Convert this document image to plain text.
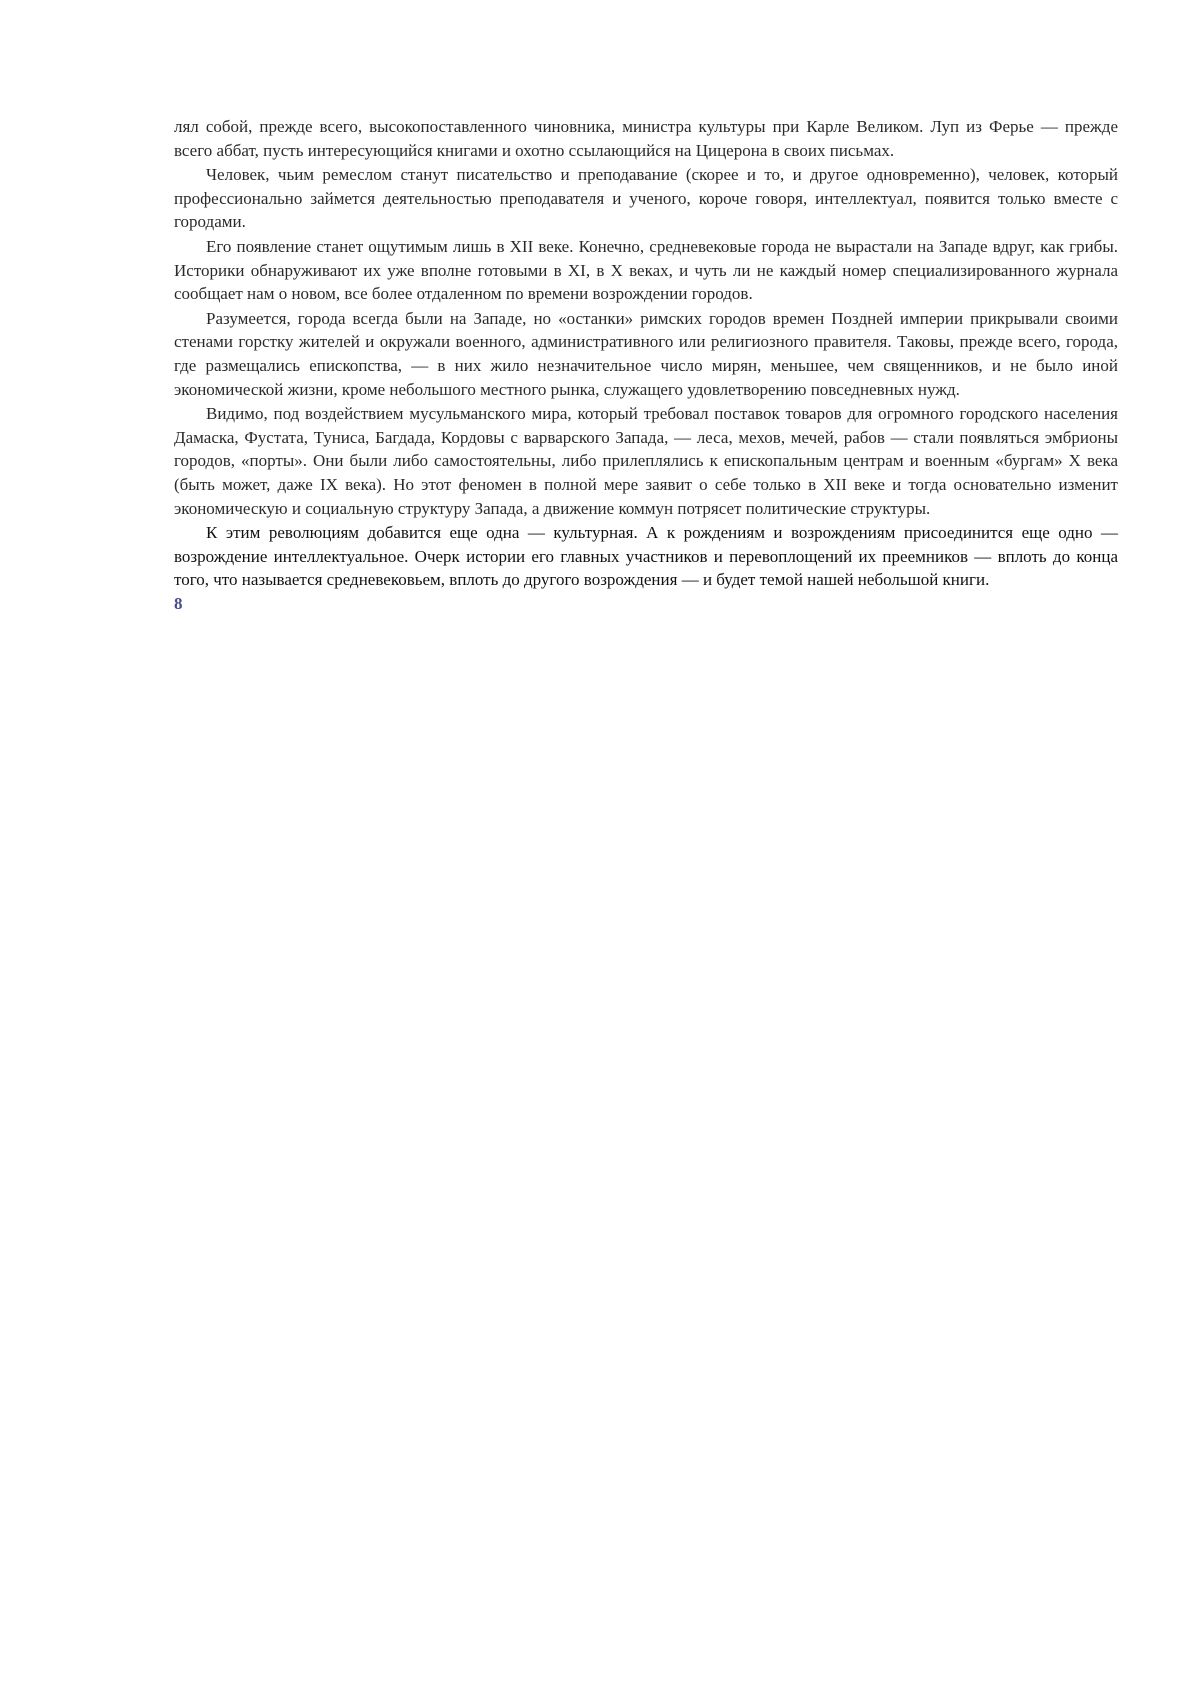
лял собой, прежде всего, высокопоставленного чиновника, министра культуры при Карле Великом. Луп из Ферье — прежде всего аббат, пусть интересующийся книгами и охотно ссылающийся на Цицерона в своих письмах.

Человек, чьим ремеслом станут писательство и преподавание (скорее и то, и другое одновременно), человек, который профессионально займется деятельностью преподавателя и ученого, короче говоря, интеллектуал, появится только вместе с городами.

Его появление станет ощутимым лишь в XII веке. Конечно, средневековые города не вырастали на Западе вдруг, как грибы. Историки обнаруживают их уже вполне готовыми в XI, в X веках, и чуть ли не каждый номер специализированного журнала сообщает нам о новом, все более отдаленном по времени возрождении городов.

Разумеется, города всегда были на Западе, но «останки» римских городов времен Поздней империи прикрывали своими стенами горстку жителей и окружали военного, административного или религиозного правителя. Таковы, прежде всего, города, где размещались епископства, — в них жило незначительное число мирян, меньшее, чем священников, и не было иной экономической жизни, кроме небольшого местного рынка, служащего удовлетворению повседневных нужд.

Видимо, под воздействием мусульманского мира, который требовал поставок товаров для огромного городского населения Дамаска, Фустата, Туниса, Багдада, Кордовы с варварского Запада, — леса, мехов, мечей, рабов — стали появляться эмбрионы городов, «порты». Они были либо самостоятельны, либо прилеплялись к епископальным центрам и военным «бургам» X века (быть может, даже IX века). Но этот феномен в полной мере заявит о себе только в XII веке и тогда основательно изменит экономическую и социальную структуру Запада, а движение коммун потрясет политические структуры.

К этим революциям добавится еще одна — культурная. А к рождениям и возрождениям присоединится еще одно — возрождение интеллектуальное. Очерк истории его главных участников и перевоплощений их преемников — вплоть до конца того, что называется средневековьем, вплоть до другого возрождения — и будет темой нашей небольшой книги.

8
